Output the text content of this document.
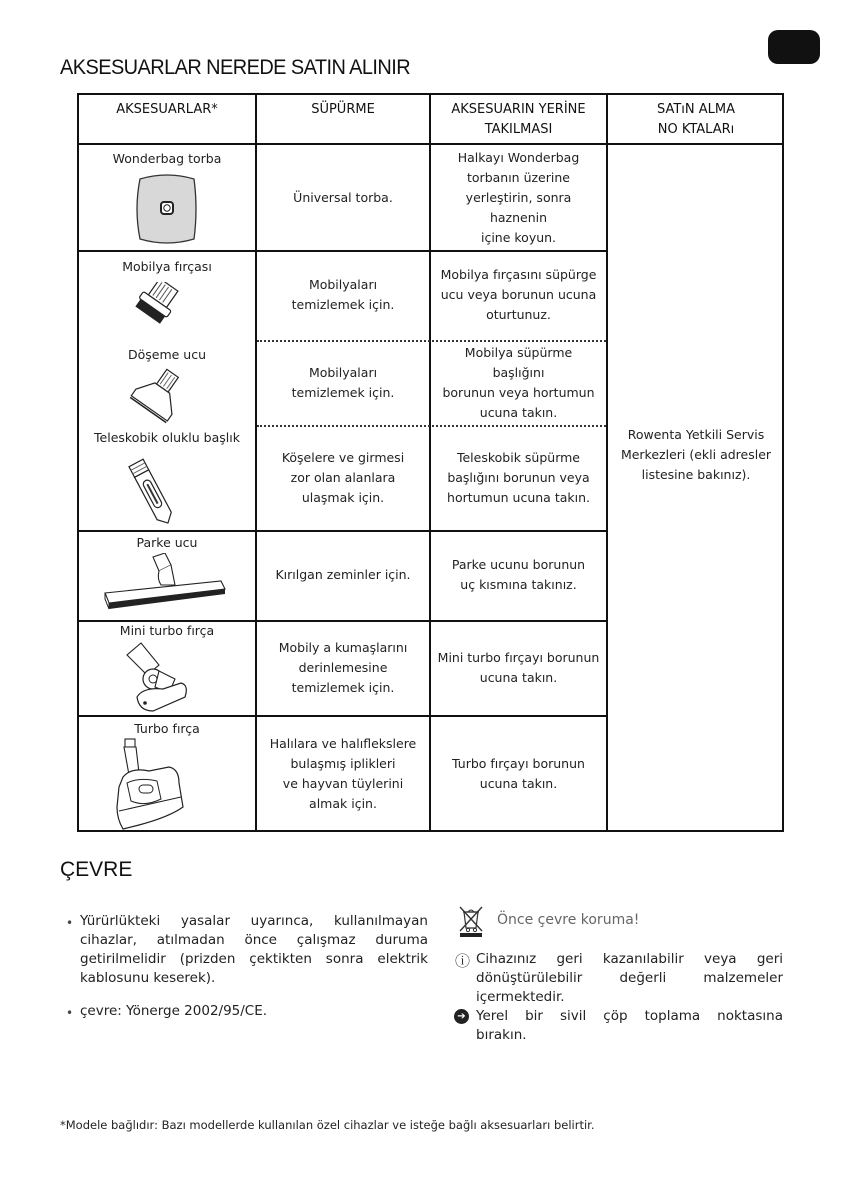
AKSESUARLAR NEREDE SATIN ALINIR
AKSESUARLAR*	SÜPÜRME	AKSESUARIN YERİNE
TAKILMASI
SATıN ALMA
NO KTALARı
Wonderbag torba
Üniversal torba.
Halkayı Wonderbag
torbanın üzerine
yerleştirin, sonra haznenin
içine koyun.
Mobilya fırçası
Mobilyaları
temizlemek için.
Mobilya fırçasını süpürge
ucu veya borunun ucuna
oturtunuz.
Döşeme ucu
Mobilyaları
temizlemek için.
Mobilya süpürme başlığını
borunun veya hortumun
ucuna takın.
Teleskobik oluklu başlık
Köşelere ve girmesi
zor olan alanlara
ulaşmak için.
Teleskobik süpürme
başlığını borunun veya
hortumun ucuna takın.
Parke ucu
Kırılgan zeminler için.
Parke ucunu borunun
uç kısmına takınız.
Mini turbo fırça
Mobily a kumaşlarını
derinlemesine
temizlemek için.
Mini turbo fırçayı borunun
ucuna takın.
Turbo fırça
Halılara ve halıflekslere
bulaşmış iplikleri
ve hayvan tüylerini
almak için.
Turbo fırçayı borunun
ucuna takın.
Rowenta Yetkili Servis
Merkezleri (ekli adresler
listesine bakınız).
ÇEVRE
• Yürürlükteki yasalar uyarınca, kullanılmayan
cihazlar, atılmadan önce çalışmaz duruma
getirilmelidir (prizden çektikten sonra elektrik
kablosunu keserek).
• çevre: Yönerge 2002/95/CE.
Önce çevre koruma!
ⓘ Cihazınız geri kazanılabilir veya geri
dönüştürülebilir değerli malzemeler
içermektedir.
➔ Yerel bir sivil çöp toplama noktasına
bırakın.
*Modele bağlıdır: Bazı modellerde kullanılan özel cihazlar ve isteğe bağlı aksesuarları belirtir.
